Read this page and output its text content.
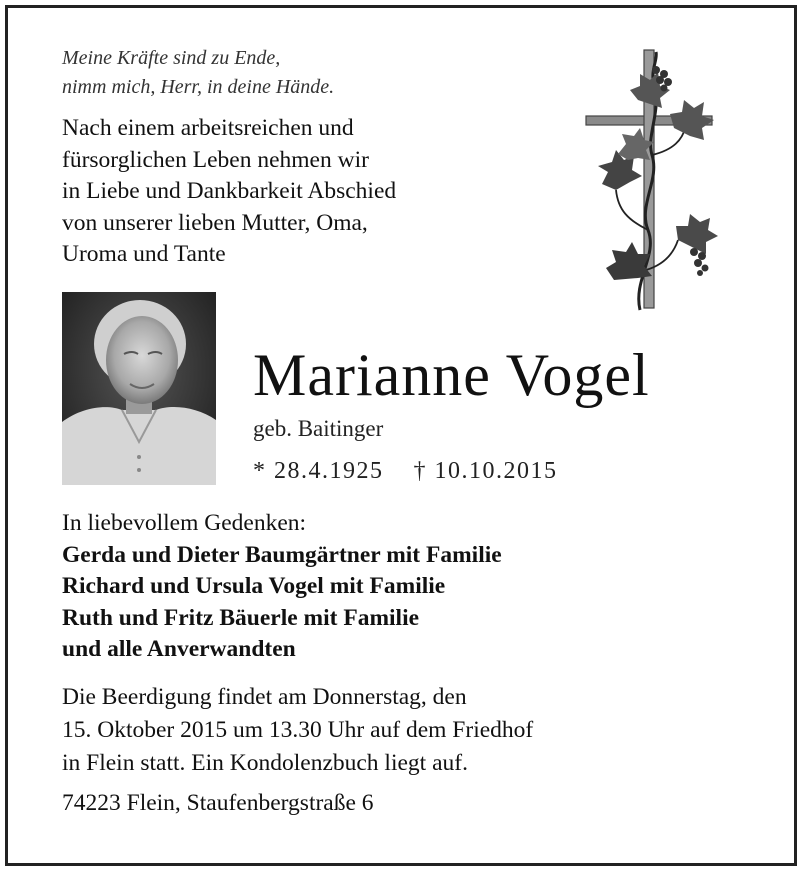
Meine Kräfte sind zu Ende,
nimm mich, Herr, in deine Hände.
Nach einem arbeitsreichen und
fürsorglichen Leben nehmen wir
in Liebe und Dankbarkeit Abschied
von unserer lieben Mutter, Oma,
Uroma und Tante
Marianne Vogel
geb. Baitinger
* 28.4.1925 † 10.10.2015
In liebevollem Gedenken:
Gerda und Dieter Baumgärtner mit Familie
Richard und Ursula Vogel mit Familie
Ruth und Fritz Bäuerle mit Familie
und alle Anverwandten
Die Beerdigung findet am Donnerstag, den
15. Oktober 2015 um 13.30 Uhr auf dem Friedhof
in Flein statt. Ein Kondolenzbuch liegt auf.
74223 Flein, Staufenbergstraße 6
